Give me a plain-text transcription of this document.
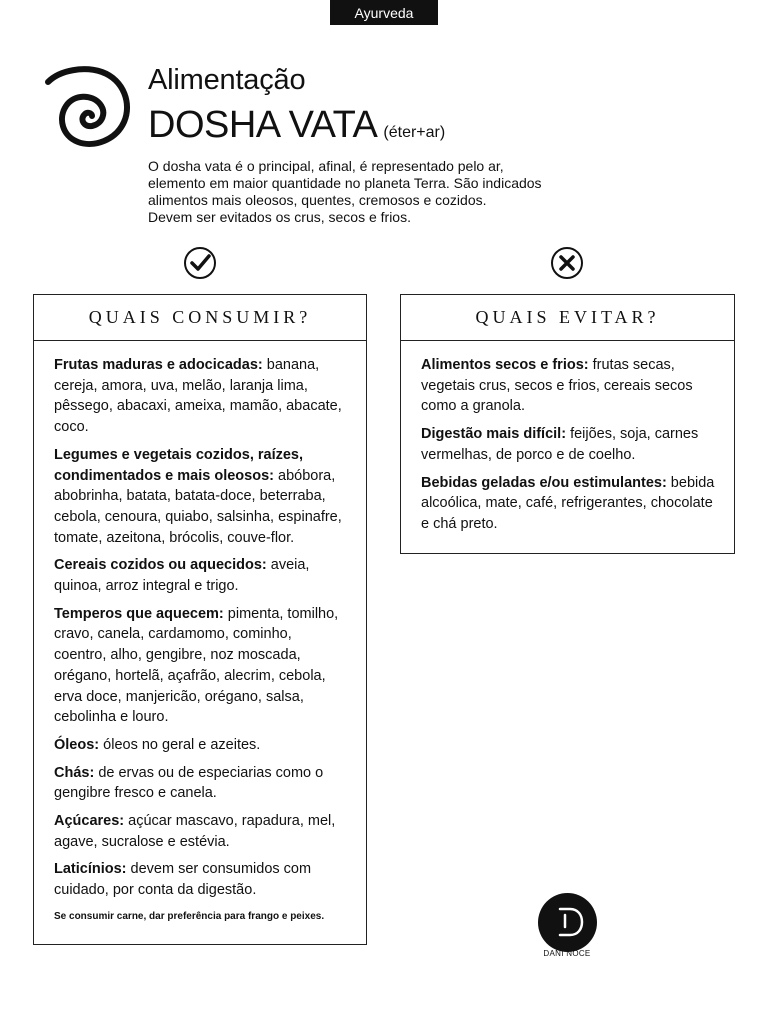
Ayurveda
Alimentação
DOSHA VATA (éter+ar)

O dosha vata é o principal, afinal, é representado pelo ar,
elemento em maior quantidade no planeta Terra. São indicados
alimentos mais oleosos, quentes, cremosos e cozidos.
Devem ser evitados os crus, secos e frios.

QUAIS CONSUMIR?

Frutas maduras e adocicadas: banana, cereja, amora, uva, melão, laranja lima, pêssego, abacaxi, ameixa, mamão, abacate, coco.

Legumes e vegetais cozidos, raízes, condimentados e mais oleosos: abóbora, abobrinha, batata, batata-doce, beterraba, cebola, cenoura, quiabo, salsinha, espinafre, tomate, azeitona, brócolis, couve-flor.

Cereais cozidos ou aquecidos: aveia, quinoa, arroz integral e trigo.

Temperos que aquecem: pimenta, tomilho, cravo, canela, cardamomo, cominho, coentro, alho, gengibre, noz moscada, orégano, hortelã, açafrão, alecrim, cebola, erva doce, manjericão, orégano, salsa, cebolinha e louro.

Óleos: óleos no geral e azeites.

Chás: de ervas ou de especiarias como o gengibre fresco e canela.

Açúcares: açúcar mascavo, rapadura, mel, agave, sucralose e estévia.

Laticínios: devem ser consumidos com cuidado, por conta da digestão.

Se consumir carne, dar preferência para frango e peixes.

QUAIS EVITAR?

Alimentos secos e frios: frutas secas, vegetais crus, secos e frios, cereais secos como a granola.

Digestão mais difícil: feijões, soja, carnes vermelhas, de porco e de coelho.

Bebidas geladas e/ou estimulantes: bebida alcoólica, mate, café, refrigerantes, chocolate e chá preto.

DANI NOCE
